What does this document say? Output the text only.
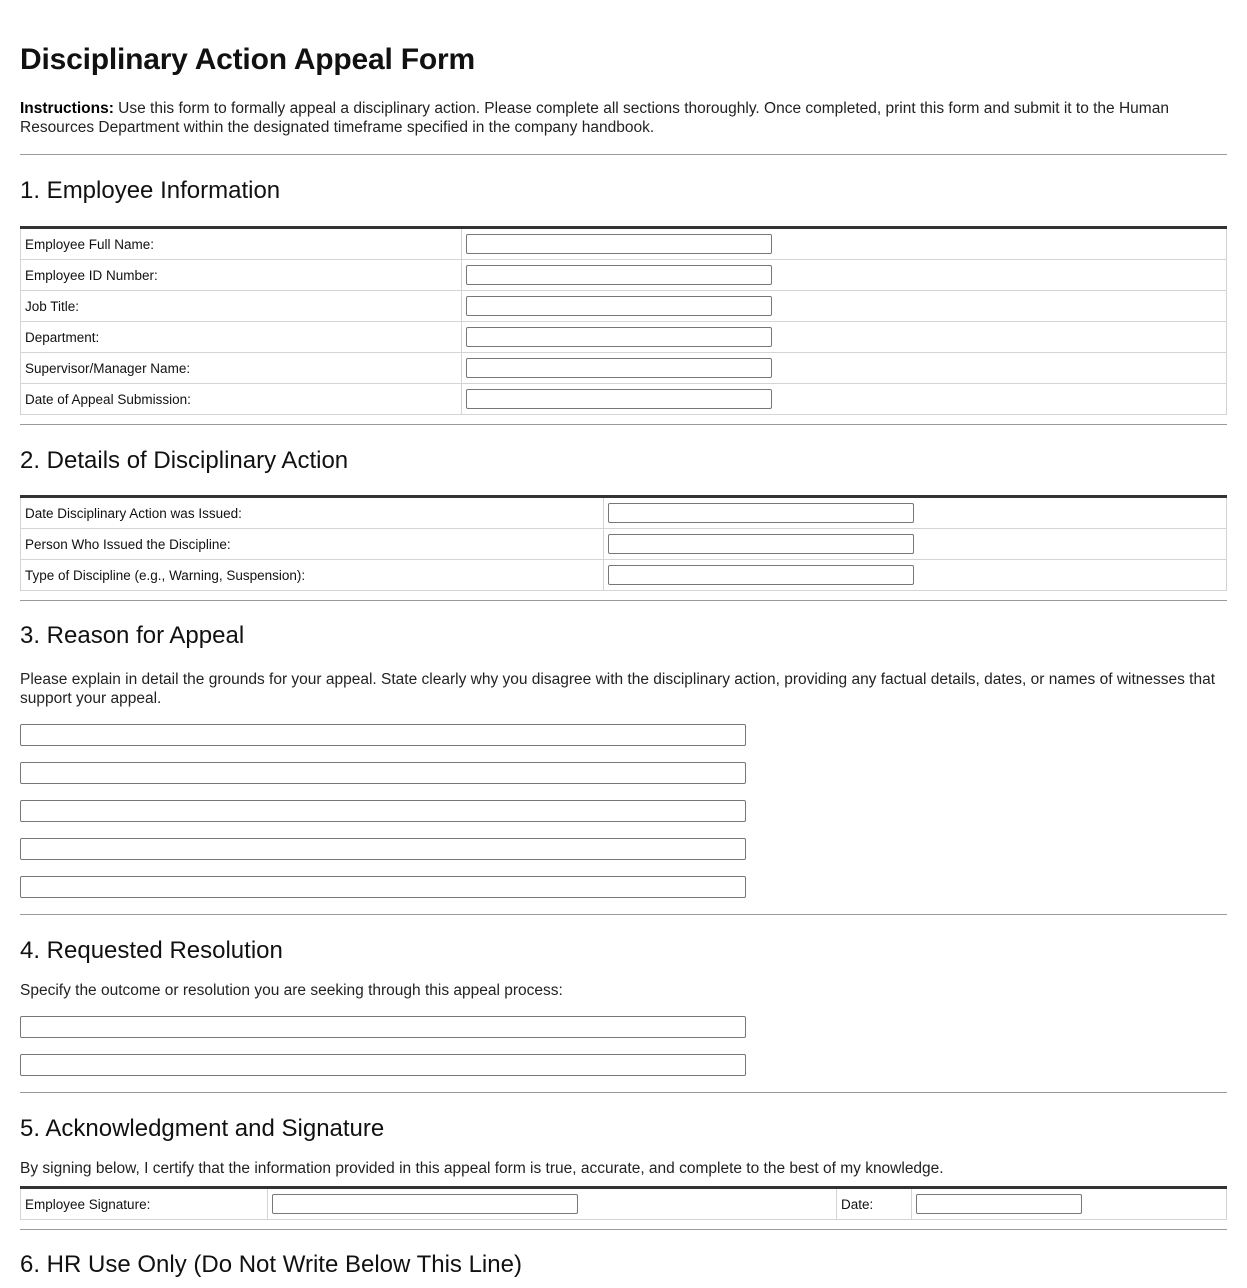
Disciplinary Action Appeal Form
Instructions: Use this form to formally appeal a disciplinary action. Please complete all sections thoroughly. Once completed, print this form and submit it to the Human Resources Department within the designated timeframe specified in the company handbook.
1. Employee Information
Employee Full Name:	

Employee ID Number:	

Job Title:	

Department:	

Supervisor/Manager Name:	

Date of Appeal Submission:	
2. Details of Disciplinary Action
Date Disciplinary Action was Issued:	

Person Who Issued the Discipline:	

Type of Discipline (e.g., Warning, Suspension):	
3. Reason for Appeal
Please explain in detail the grounds for your appeal. State clearly why you disagree with the disciplinary action, providing any factual details, dates, or names of witnesses that support your appeal.
4. Requested Resolution
Specify the outcome or resolution you are seeking through this appeal process:
5. Acknowledgment and Signature
By signing below, I certify that the information provided in this appeal form is true, accurate, and complete to the best of my knowledge.
Employee Signature:		Date:	
6. HR Use Only (Do Not Write Below This Line)
